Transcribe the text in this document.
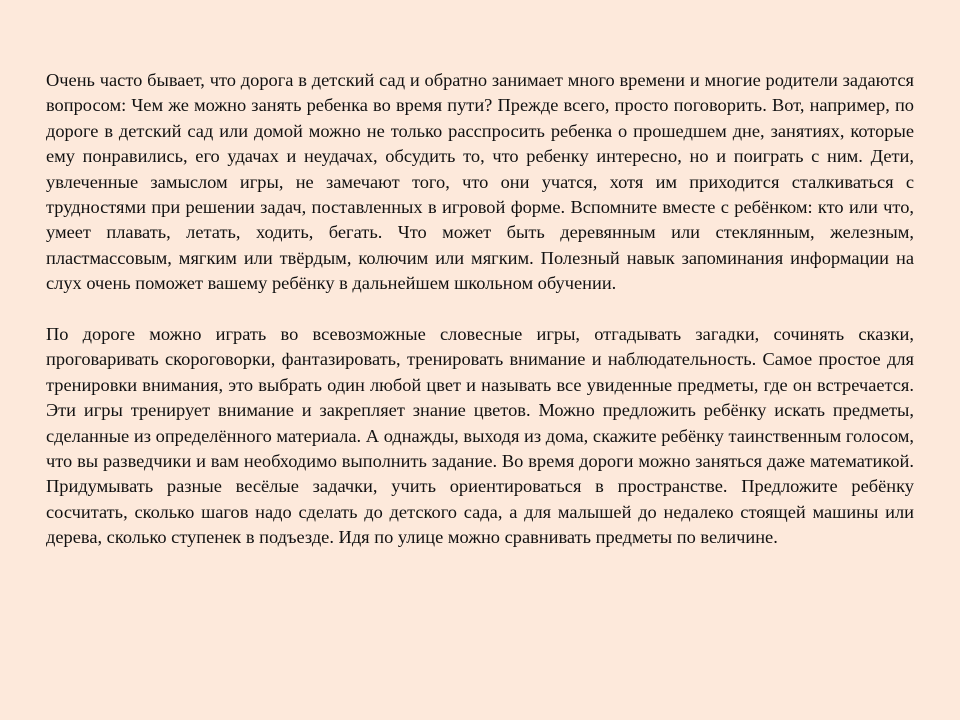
Очень часто бывает, что дорога в детский сад и обратно занимает много времени и многие родители задаются вопросом: Чем же можно занять ребенка во время пути? Прежде всего, просто поговорить. Вот, например, по дороге в детский сад или домой можно не только расспросить ребенка о прошедшем дне, занятиях, которые ему понравились, его удачах и неудачах, обсудить то, что ребенку интересно, но и поиграть с ним. Дети, увлеченные замыслом игры, не замечают того, что они учатся, хотя им приходится сталкиваться с трудностями при решении задач, поставленных в игровой форме. Вспомните вместе с ребёнком: кто или что, умеет плавать, летать, ходить, бегать. Что может быть деревянным или стеклянным, железным, пластмассовым, мягким или твёрдым, колючим или мягким. Полезный навык запоминания информации на слух очень поможет вашему ребёнку в дальнейшем школьном обучении.

По дороге можно играть во всевозможные словесные игры, отгадывать загадки, сочинять сказки, проговаривать скороговорки, фантазировать, тренировать внимание и наблюдательность. Самое простое для тренировки внимания, это выбрать один любой цвет и называть все увиденные предметы, где он встречается. Эти игры тренирует внимание и закрепляет знание цветов. Можно предложить ребёнку искать предметы, сделанные из определённого материала. А однажды, выходя из дома, скажите ребёнку таинственным голосом, что вы разведчики и вам необходимо выполнить задание. Во время дороги можно заняться даже математикой. Придумывать разные весёлые задачки, учить ориентироваться в пространстве. Предложите ребёнку сосчитать, сколько шагов надо сделать до детского сада, а для малышей до недалеко стоящей машины или дерева, сколько ступенек в подъезде. Идя по улице можно сравнивать предметы по величине.
